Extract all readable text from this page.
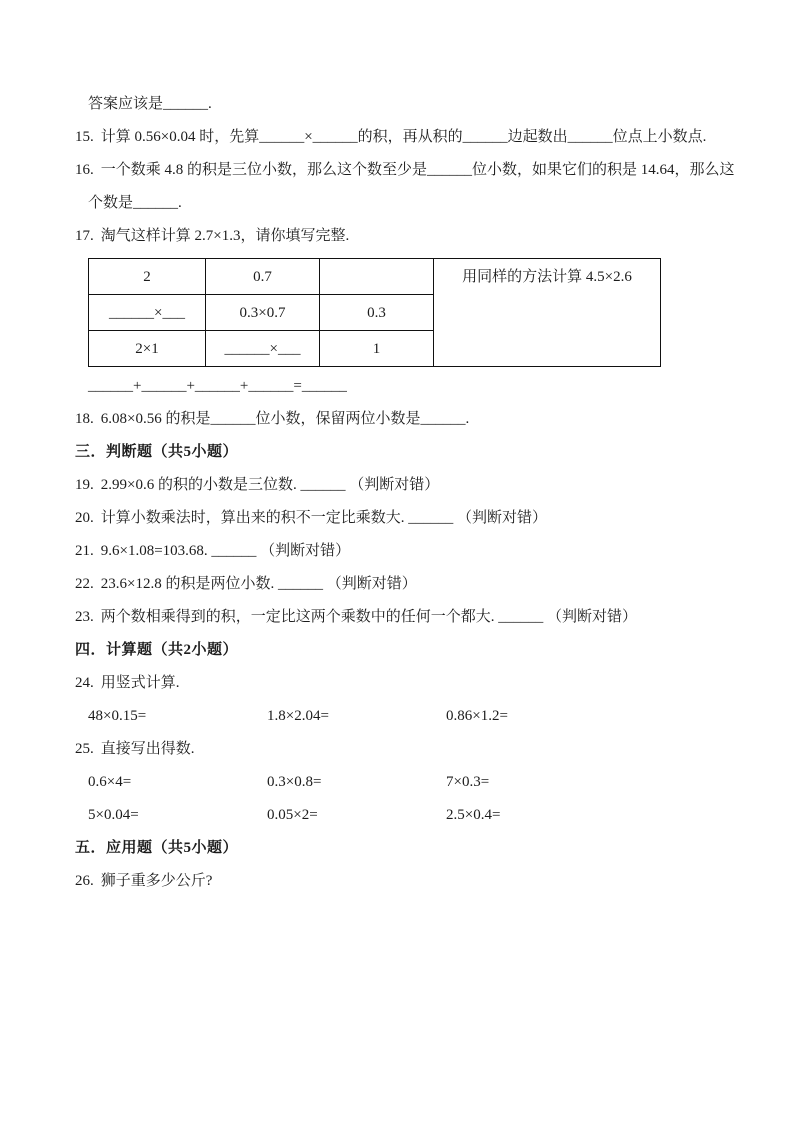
答案应该是______.
15. 计算 0.56×0.04 时，先算______×______的积，再从积的______边起数出______位点上小数点.
16. 一个数乘 4.8 的积是三位小数，那么这个数至少是______位小数，如果它们的积是 14.64，那么这个数是______.
17. 淘气这样计算 2.7×1.3，请你填写完整.
2	0.7		用同样的方法计算 4.5×2.6
______×___	0.3×0.7	0.3	
2×1	______×___	1	
______+______+______+______=______
18. 6.08×0.56 的积是______位小数，保留两位小数是______.
三．判断题（共5小题）
19. 2.99×0.6 的积的小数是三位数. ______ （判断对错）
20. 计算小数乘法时，算出来的积不一定比乘数大. ______ （判断对错）
21. 9.6×1.08=103.68. ______ （判断对错）
22. 23.6×12.8 的积是两位小数. ______ （判断对错）
23. 两个数相乘得到的积，一定比这两个乘数中的任何一个都大. ______ （判断对错）
四．计算题（共2小题）
24. 用竖式计算.
48×0.15=	1.8×2.04=	0.86×1.2=
25. 直接写出得数.
0.6×4=	0.3×0.8=	7×0.3=
5×0.04=	0.05×2=	2.5×0.4=
五．应用题（共5小题）
26. 狮子重多少公斤?
